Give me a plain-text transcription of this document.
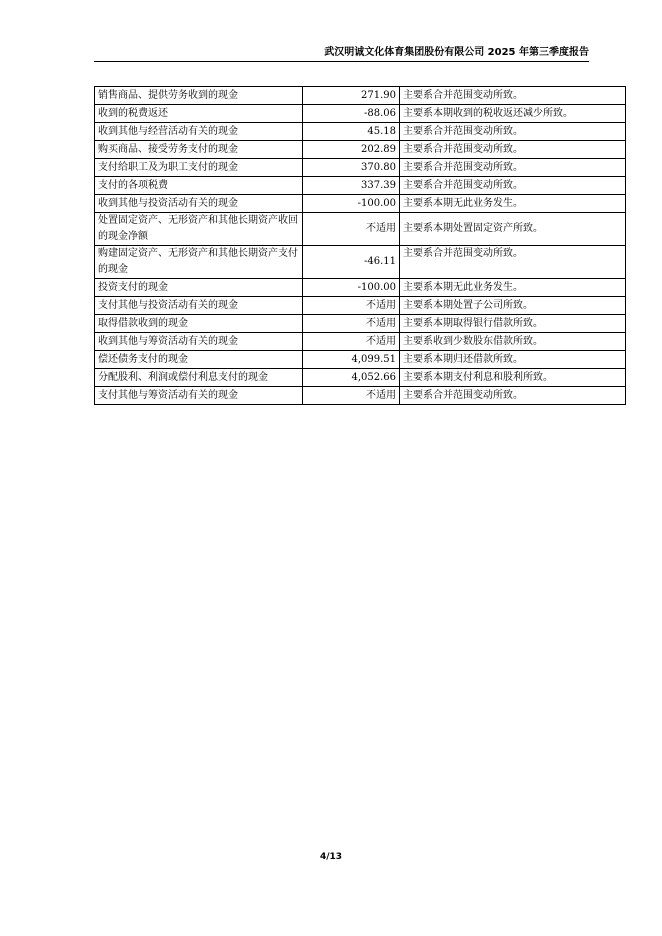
武汉明诚文化体育集团股份有限公司 2025 年第三季度报告
销售商品、提供劳务收到的现金	271.90	主要系合并范围变动所致。
收到的税费返还	-88.06	主要系本期收到的税收返还减少所致。
收到其他与经营活动有关的现金	45.18	主要系合并范围变动所致。
购买商品、接受劳务支付的现金	202.89	主要系合并范围变动所致。
支付给职工及为职工支付的现金	370.80	主要系合并范围变动所致。
支付的各项税费	337.39	主要系合并范围变动所致。
收到其他与投资活动有关的现金	-100.00	主要系本期无此业务发生。
处置固定资产、无形资产和其他长期资产收回的现金净额	不适用	主要系本期处置固定资产所致。
购建固定资产、无形资产和其他长期资产支付的现金	-46.11	主要系合并范围变动所致。
投资支付的现金	-100.00	主要系本期无此业务发生。
支付其他与投资活动有关的现金	不适用	主要系本期处置子公司所致。
取得借款收到的现金	不适用	主要系本期取得银行借款所致。
收到其他与筹资活动有关的现金	不适用	主要系收到少数股东借款所致。
偿还债务支付的现金	4,099.51	主要系本期归还借款所致。
分配股利、利润或偿付利息支付的现金	4,052.66	主要系本期支付利息和股利所致。
支付其他与筹资活动有关的现金	不适用	主要系合并范围变动所致。
4/13
